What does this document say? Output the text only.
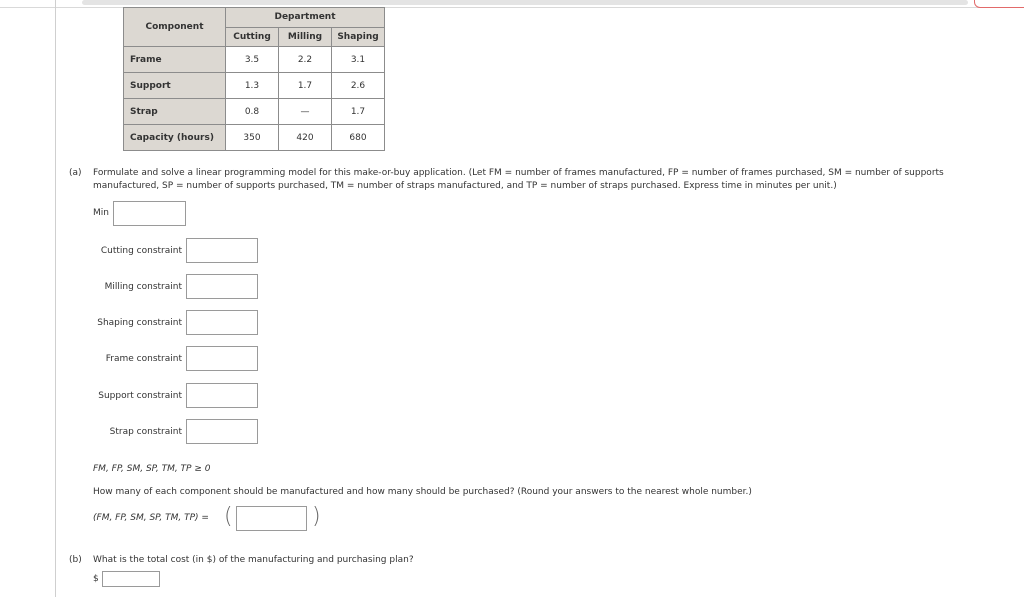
Component	Department		
	Cutting	Milling	Shaping
Frame	3.5	2.2	3.1
Support	1.3	1.7	2.6
Strap	0.8	—	1.7
Capacity (hours)	350	420	680
(a) Formulate and solve a linear programming model for this make-or-buy application. (Let FM = number of frames manufactured, FP = number of frames purchased, SM = number of supports
manufactured, SP = number of supports purchased, TM = number of straps manufactured, and TP = number of straps purchased. Express time in minutes per unit.)
Min
Cutting constraint
Milling constraint
Shaping constraint
Frame constraint
Support constraint
Strap constraint
FM, FP, SM, SP, TM, TP ≥ 0
How many of each component should be manufactured and how many should be purchased? (Round your answers to the nearest whole number.)
(FM, FP, SM, SP, TM, TP) = (	)
(b) What is the total cost (in $) of the manufacturing and purchasing plan?
$
